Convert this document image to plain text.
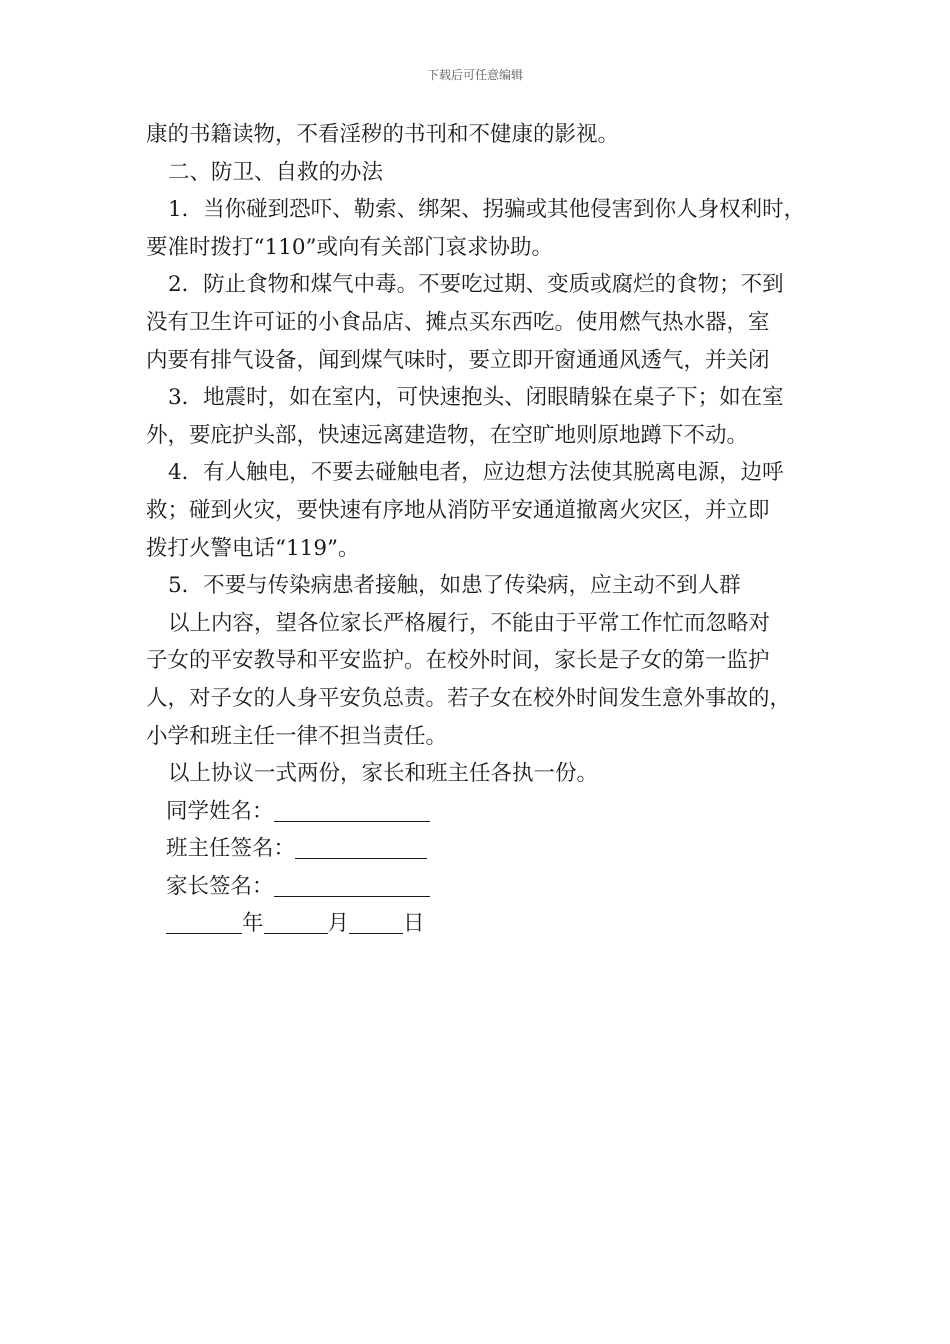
下载后可任意编辑
康的书籍读物，不看淫秽的书刊和不健康的影视。
二、防卫、自救的办法
1．当你碰到恐吓、勒索、绑架、拐骗或其他侵害到你人身权利时，
要准时拨打“110”或向有关部门哀求协助。
2．防止食物和煤气中毒。不要吃过期、变质或腐烂的食物；不到
没有卫生许可证的小食品店、摊点买东西吃。使用燃气热水器，室
内要有排气设备，闻到煤气味时，要立即开窗通通风透气，并关闭
3．地震时，如在室内，可快速抱头、闭眼睛躲在桌子下；如在室
外，要庇护头部，快速远离建造物，在空旷地则原地蹲下不动。
4．有人触电，不要去碰触电者，应边想方法使其脱离电源，边呼
救；碰到火灾，要快速有序地从消防平安通道撤离火灾区，并立即
拨打火警电话“119”。
5．不要与传染病患者接触，如患了传染病，应主动不到人群
以上内容，望各位家长严格履行，不能由于平常工作忙而忽略对
子女的平安教导和平安监护。在校外时间，家长是子女的第一监护
人，对子女的人身平安负总责。若子女在校外时间发生意外事故的，
小学和班主任一律不担当责任。
以上协议一式两份，家长和班主任各执一份。
同学姓名：
班主任签名：
家长签名：
年	月	日
